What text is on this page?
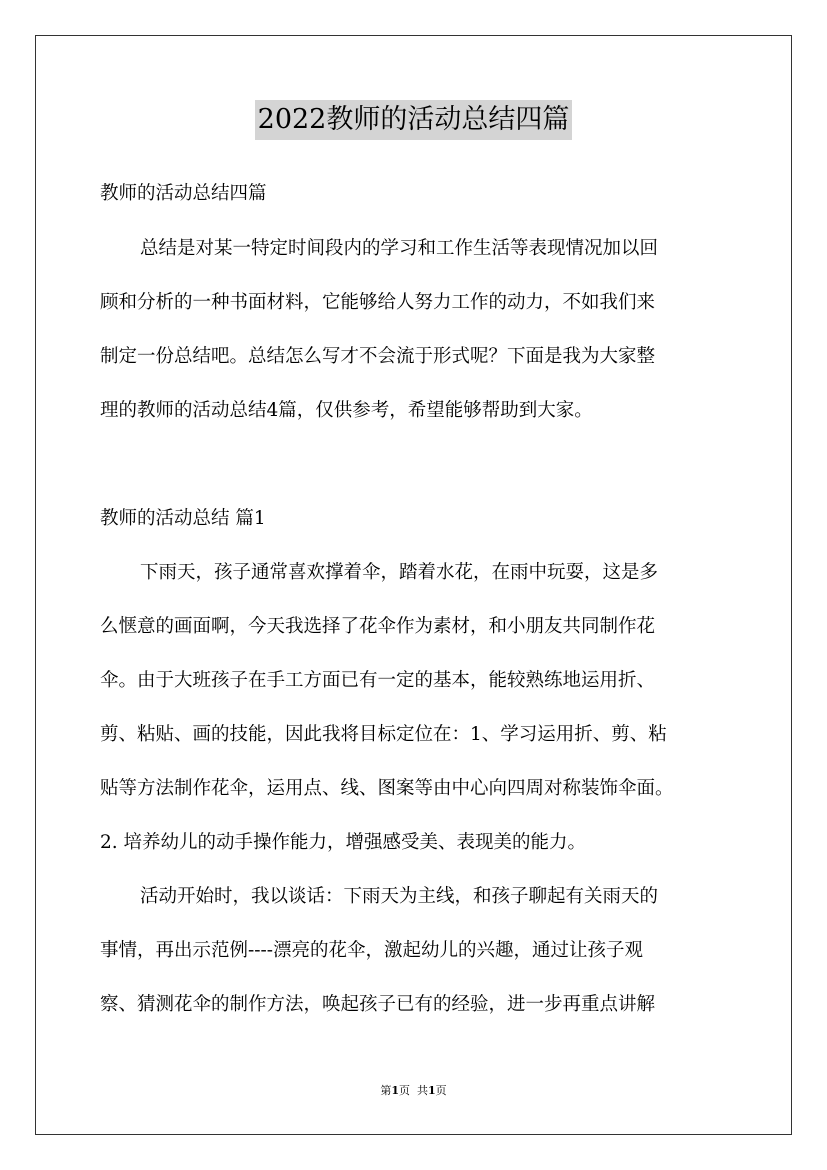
2022教师的活动总结四篇
教师的活动总结四篇
总结是对某一特定时间段内的学习和工作生活等表现情况加以回
顾和分析的一种书面材料，它能够给人努力工作的动力，不如我们来
制定一份总结吧。总结怎么写才不会流于形式呢？下面是我为大家整
理的教师的活动总结4篇，仅供参考，希望能够帮助到大家。
教师的活动总结 篇1
下雨天，孩子通常喜欢撑着伞，踏着水花，在雨中玩耍，这是多
么惬意的画面啊，今天我选择了花伞作为素材，和小朋友共同制作花
伞。由于大班孩子在手工方面已有一定的基本，能较熟练地运用折、
剪、粘贴、画的技能，因此我将目标定位在：1、学习运用折、剪、粘
贴等方法制作花伞，运用点、线、图案等由中心向四周对称装饰伞面。
2. 培养幼儿的动手操作能力，增强感受美、表现美的能力。
活动开始时，我以谈话：下雨天为主线，和孩子聊起有关雨天的
事情，再出示范例----漂亮的花伞，激起幼儿的兴趣，通过让孩子观
察、猜测花伞的制作方法，唤起孩子已有的经验，进一步再重点讲解
第1页 共1页
